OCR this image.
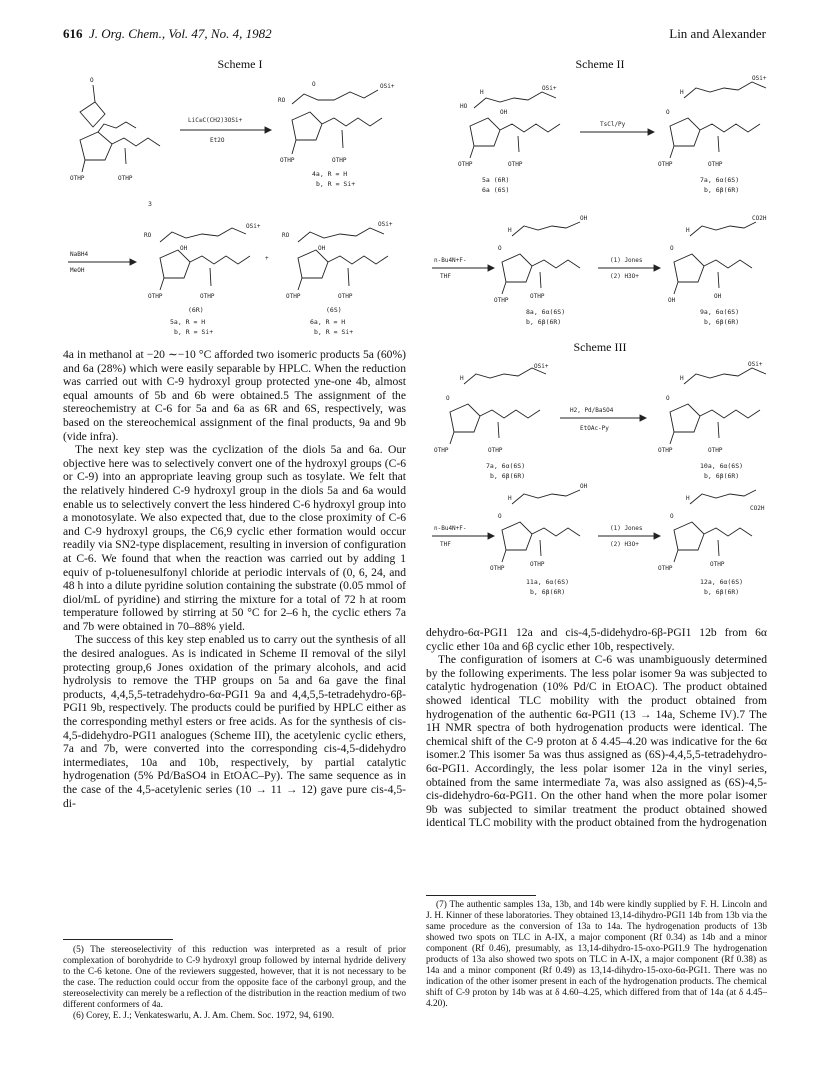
616 J. Org. Chem., Vol. 47, No. 4, 1982	Lin and Alexander
Scheme I	Scheme II
Scheme III
O
OTHP	OTHP
3
LiC≡C(CH2)3OSi+
Et2O
RO
OSi+
O
OTHP	OTHP
4a, R = H
b, R = Si+
NaBH4
MeOH
RO
OSi+
OH
OTHP	OTHP
(6R)
5a, R = H
b, R = Si+
+
RO
OSi+
OH
OTHP	OTHP
(6S)
6a, R = H
b, R = Si+
HO
H
OSi+
OH
OTHP	OTHP
5a (6R)
6a (6S)
TsCl/Py
H
OSi+
O
OTHP	OTHP
7a, 6α(6S)
b, 6β(6R)
n-Bu4N+F-
THF
H
OH
O
OTHP
OTHP
8a, 6α(6S)
b, 6β(6R)
(1) Jones
(2) H3O+
H
CO2H
O
OH
OH
9a, 6α(6S)
b, 6β(6R)
H
OSi+
O
OTHP	OTHP
7a, 6α(6S)
b, 6β(6R)
H2, Pd/BaSO4
EtOAc-Py
H
OSi+
O
OTHP	OTHP
10a, 6α(6S)
b, 6β(6R)
n-Bu4N+F-
THF
H
OH
O
OTHP
OTHP
11a, 6α(6S)
b, 6β(6R)
(1) Jones
(2) H3O+
H
CO2H
O
OTHP
OTHP
12a, 6α(6S)
b, 6β(6R)

4a in methanol at −20 ∼−10 °C afforded two isomeric products 5a (60%) and 6a (28%) which were easily separable by HPLC. When the reduction was carried out with C-9 hydroxyl group protected yne-one 4b, almost equal amounts of 5b and 6b were obtained.5 The assignment of the stereochemistry at C-6 for 5a and 6a as 6R and 6S, respectively, was based on the stereochemical assignment of the final products, 9a and 9b (vide infra).

The next key step was the cyclization of the diols 5a and 6a. Our objective here was to selectively convert one of the hydroxyl groups (C-6 or C-9) into an appropriate leaving group such as tosylate. We felt that the relatively hindered C-9 hydroxyl group in the diols 5a and 6a would enable us to selectively convert the less hindered C-6 hydroxyl group into a monotosylate. We also expected that, due to the close proximity of C-6 and C-9 hydroxyl groups, the C6,9 cyclic ether formation would occur readily via SN2-type displacement, resulting in inversion of configuration at C-6. We found that when the reaction was carried out by adding 1 equiv of p-toluenesulfonyl chloride at periodic intervals of (0, 6, 24, and 48 h into a dilute pyridine solution containing the substrate (0.05 mmol of diol/mL of pyridine) and stirring the mixture for a total of 72 h at room temperature followed by stirring at 50 °C for 2–6 h, the cyclic ethers 7a and 7b were obtained in 70–88% yield.

The success of this key step enabled us to carry out the synthesis of all the desired analogues. As is indicated in Scheme II removal of the silyl protecting group,6 Jones oxidation of the primary alcohols, and acid hydrolysis to remove the THP groups on 5a and 6a gave the final products, 4,4,5,5-tetradehydro-6α-PGI1 9a and 4,4,5,5-tetradehydro-6β-PGI1 9b, respectively. The products could be purified by HPLC either as the corresponding methyl esters or free acids. As for the synthesis of cis-4,5-didehydro-PGI1 analogues (Scheme III), the acetylenic cyclic ethers, 7a and 7b, were converted into the corresponding cis-4,5-didehydro intermediates, 10a and 10b, respectively, by partial catalytic hydrogenation (5% Pd/BaSO4 in EtOAC–Py). The same sequence as in the case of the 4,5-acetylenic series (10 → 11 → 12) gave pure cis-4,5-di-

(5) The stereoselectivity of this reduction was interpreted as a result of prior complexation of borohydride to C-9 hydroxyl group followed by internal hydride delivery to the C-6 ketone. One of the reviewers suggested, however, that it is not necessary to be the case. The reduction could occur from the opposite face of the carbonyl group, and the stereoselectivity can merely be a reflection of the distribution in the reaction medium of two different conformers of 4a.

(6) Corey, E. J.; Venkateswarlu, A. J. Am. Chem. Soc. 1972, 94, 6190.

dehydro-6α-PGI1 12a and cis-4,5-didehydro-6β-PGI1 12b from 6α cyclic ether 10a and 6β cyclic ether 10b, respectively.

The configuration of isomers at C-6 was unambiguously determined by the following experiments. The less polar isomer 9a was subjected to catalytic hydrogenation (10% Pd/C in EtOAC). The product obtained showed identical TLC mobility with the product obtained from hydrogenation of the authentic 6α-PGI1 (13 → 14a, Scheme IV).7 The 1H NMR spectra of both hydrogenation products were identical. The chemical shift of the C-9 proton at δ 4.45–4.20 was indicative for the 6α isomer.2 This isomer 5a was thus assigned as (6S)-4,4,5,5-tetradehydro-6α-PGI1. Accordingly, the less polar isomer 12a in the vinyl series, obtained from the same intermediate 7a, was also assigned as (6S)-4,5-cis-didehydro-6α-PGI1. On the other hand when the more polar isomer 9b was subjected to similar treatment the product obtained showed identical TLC mobility with the product obtained from the hydrogenation

(7) The authentic samples 13a, 13b, and 14b were kindly supplied by F. H. Lincoln and J. H. Kinner of these laboratories. They obtained 13,14-dihydro-PGI1 14b from 13b via the same procedure as the conversion of 13a to 14a. The hydrogenation products of 13b showed two spots on TLC in A-IX, a major component (Rf 0.34) as 14b and a minor component (Rf 0.46), presumably, as 13,14-dihydro-15-oxo-PGI1.9 The hydrogenation products of 13a also showed two spots on TLC in A-IX, a major component (Rf 0.38) as 14a and a minor component (Rf 0.49) as 13,14-dihydro-15-oxo-6α-PGI1. There was no indication of the other isomer present in each of the hydrogenation products. The chemical shift of C-9 proton by 14b was at δ 4.60–4.25, which differed from that of 14a (at δ 4.45–4.20).
